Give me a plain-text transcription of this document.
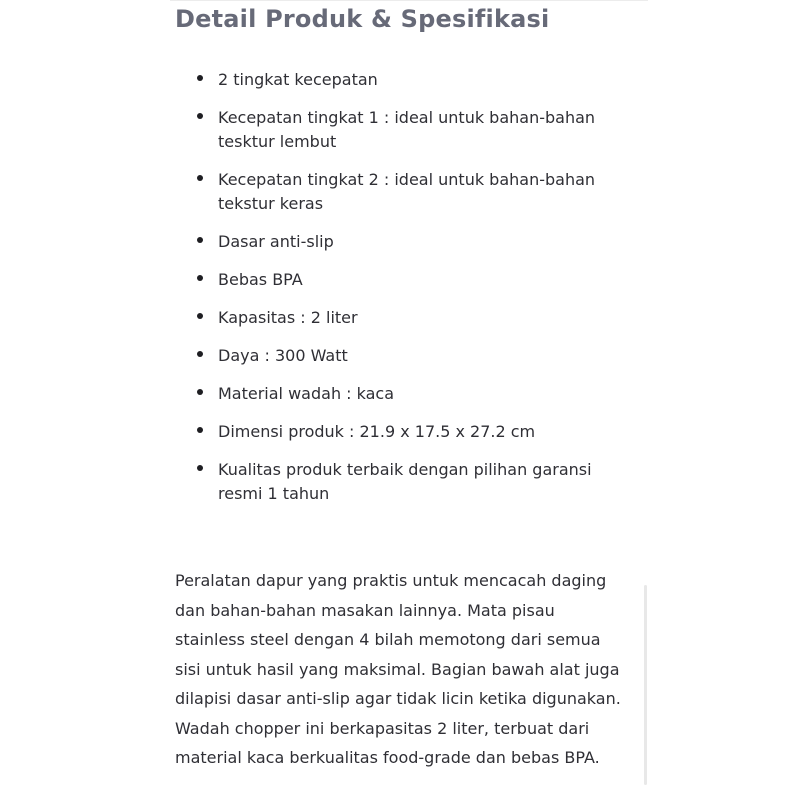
Detail Produk & Spesifikasi
2 tingkat kecepatan
Kecepatan tingkat 1 : ideal untuk bahan-bahan tesktur lembut
Kecepatan tingkat 2 : ideal untuk bahan-bahan tekstur keras
Dasar anti-slip
Bebas BPA
Kapasitas : 2 liter
Daya : 300 Watt
Material wadah : kaca
Dimensi produk : 21.9 x 17.5 x 27.2 cm
Kualitas produk terbaik dengan pilihan garansi resmi 1 tahun

Peralatan dapur yang praktis untuk mencacah daging dan bahan-bahan masakan lainnya. Mata pisau stainless steel dengan 4 bilah memotong dari semua sisi untuk hasil yang maksimal. Bagian bawah alat juga dilapisi dasar anti-slip agar tidak licin ketika digunakan. Wadah chopper ini berkapasitas 2 liter, terbuat dari material kaca berkualitas food-grade dan bebas BPA.
